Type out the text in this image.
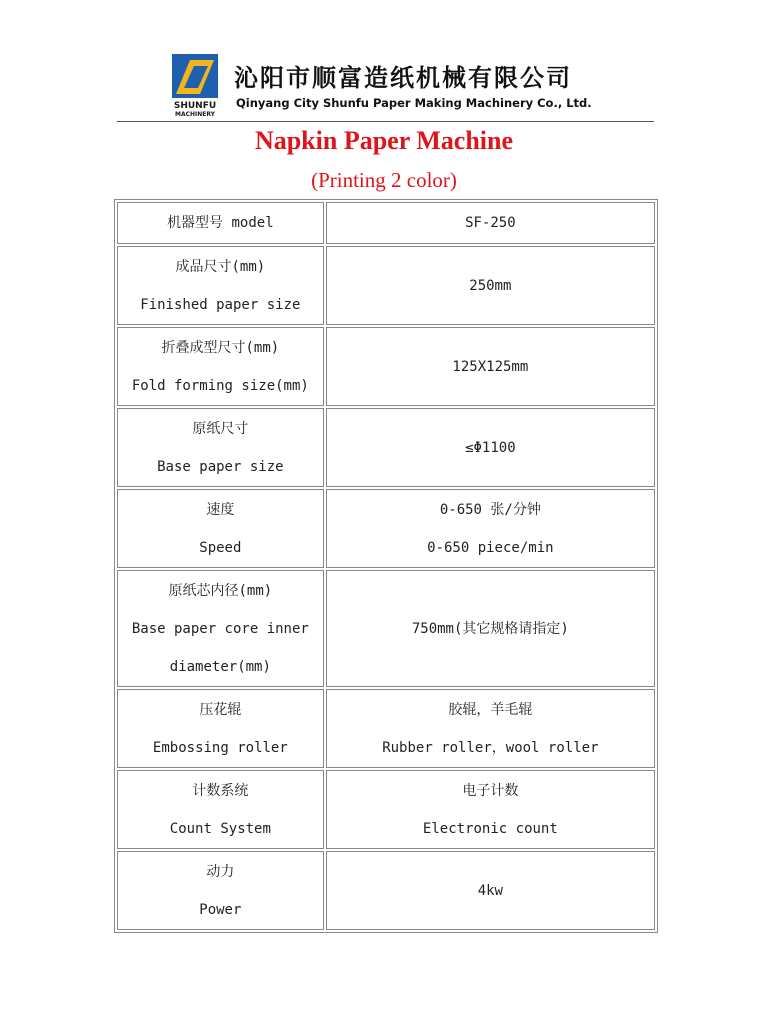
SHUNFU
MACHINERY
沁阳市顺富造纸机械有限公司
Qinyang City Shunfu Paper Making Machinery Co., Ltd.
Napkin Paper Machine
(Printing 2 color)
机器型号 model	SF-250

成品尺寸(mm)
Finished paper size	250mm

折叠成型尺寸(mm)
Fold forming size(mm)	125X125mm

原纸尺寸
Base paper size	≤Φ1100

速度
Speed	0-650 张/分钟
0-650 piece/min

原纸芯内径(mm)
Base paper core inner
diameter(mm)	750mm(其它规格请指定)

压花辊
Embossing roller	胶辊，羊毛辊
Rubber roller，wool roller

计数系统
Count System	电子计数
Electronic count

动力
Power	4kw
